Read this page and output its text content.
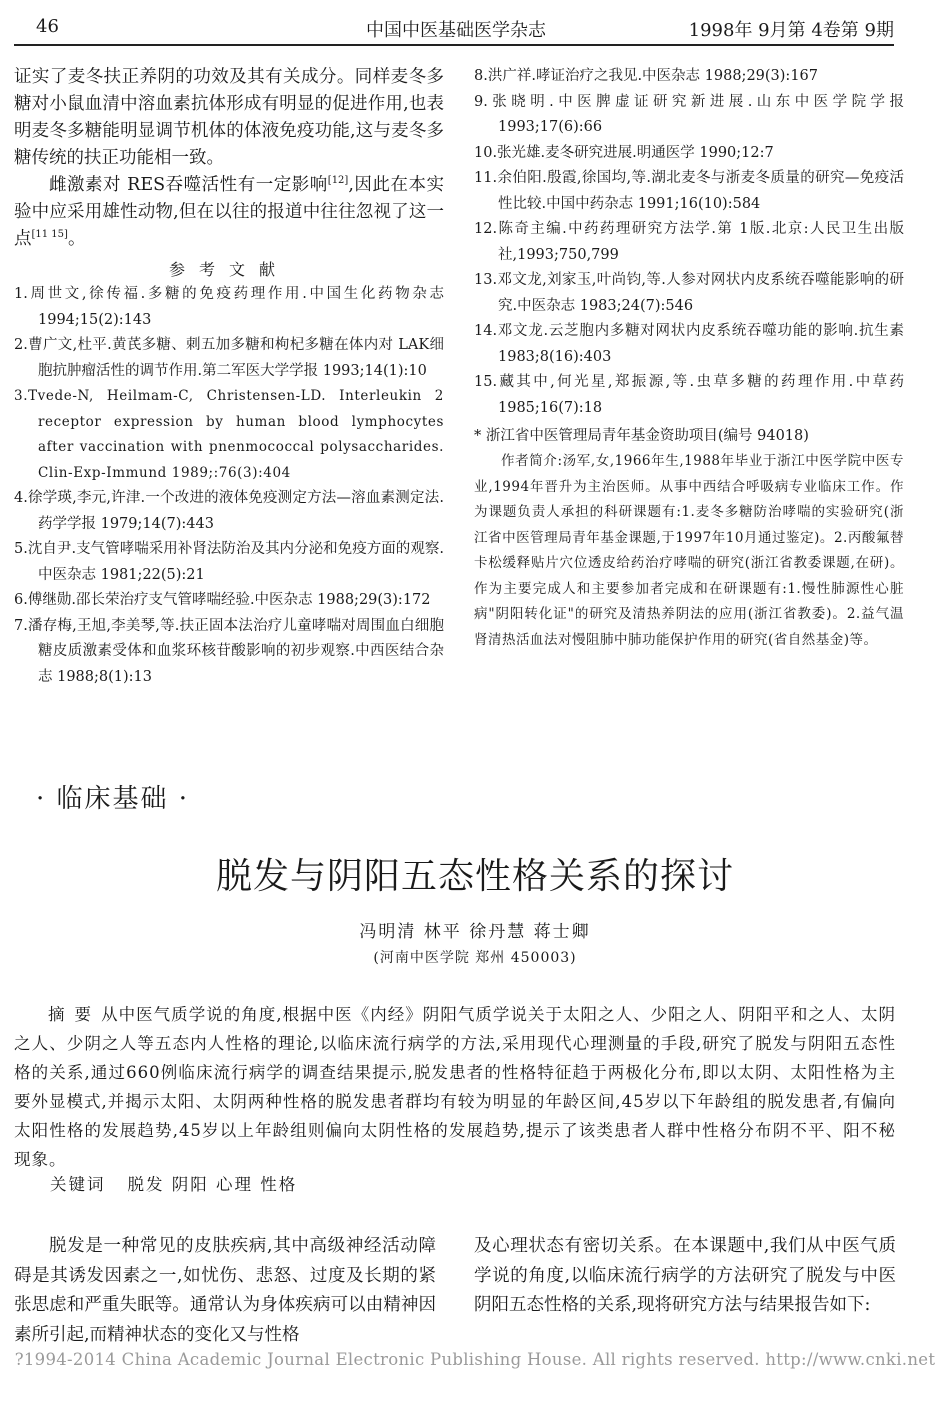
46	中国中医基础医学杂志	1998年 9月第 4卷第 9期

证实了麦冬扶正养阴的功效及其有关成分。同样麦冬多糖对小鼠血清中溶血素抗体形成有明显的促进作用,也表明麦冬多糖能明显调节机体的体液免疫功能,这与麦冬多糖传统的扶正功能相一致。

雌激素对 RES吞噬活性有一定影响[12],因此在本实验中应采用雄性动物,但在以往的报道中往往忽视了这一点[11 15]。

参考文献

1.周世文,徐传福.多糖的免疫药理作用.中国生化药物杂志 1994;15(2):143

2.曹广文,杜平.黄芪多糖、刺五加多糖和枸杞多糖在体内对 LAK细胞抗肿瘤活性的调节作用.第二军医大学学报 1993;14(1):10

3.Tvede-N, Heilmam-C, Christensen-LD. Interleukin 2 receptor expression by human blood lymphocytes after vaccination with pnenmococcal polysaccharides. Clin-Exp-Immund 1989;:76(3):404

4.徐学瑛,李元,许津.一个改进的液体免疫测定方法—溶血素测定法.药学学报 1979;14(7):443

5.沈自尹.支气管哮喘采用补肾法防治及其内分泌和免疫方面的观察.中医杂志 1981;22(5):21

6.傅继勋.邵长荣治疗支气管哮喘经验.中医杂志 1988;29(3):172

7.潘存梅,王旭,李美琴,等.扶正固本法治疗儿童哮喘对周围血白细胞糖皮质激素受体和血浆环核苷酸影响的初步观察.中西医结合杂志 1988;8(1):13

8.洪广祥.哮证治疗之我见.中医杂志 1988;29(3):167

9.张晓明.中医脾虚证研究新进展.山东中医学院学报 1993;17(6):66

10.张光雄.麦冬研究进展.明通医学 1990;12:7

11.余伯阳.殷霞,徐国均,等.湖北麦冬与浙麦冬质量的研究—免疫活性比较.中国中药杂志 1991;16(10):584

12.陈奇主编.中药药理研究方法学.第 1版.北京:人民卫生出版社,1993;750,799

13.邓文龙,刘家玉,叶尚钧,等.人参对网状内皮系统吞噬能影响的研究.中医杂志 1983;24(7):546

14.邓文龙.云芝胞内多糖对网状内皮系统吞噬功能的影响.抗生素 1983;8(16):403

15.藏其中,何光星,郑振源,等.虫草多糖的药理作用.中草药 1985;16(7):18

* 浙江省中医管理局青年基金资助项目(编号 94018)

作者简介:汤军,女,1966年生,1988年毕业于浙江中医学院中医专业,1994年晋升为主治医师。从事中西结合呼吸病专业临床工作。作为课题负责人承担的科研课题有:1.麦冬多糖防治哮喘的实验研究(浙江省中医管理局青年基金课题,于1997年10月通过鉴定)。2.丙酸氟替卡松缓释贴片穴位透皮给药治疗哮喘的研究(浙江省教委课题,在研)。作为主要完成人和主要参加者完成和在研课题有:1.慢性肺源性心脏病"阴阳转化证"的研究及清热养阴法的应用(浙江省教委)。2.益气温肾清热活血法对慢阻肺中肺功能保护作用的研究(省自然基金)等。

· 临床基础 ·
脱发与阴阳五态性格关系的探讨
冯明清 林平 徐丹慧 蒋士卿
(河南中医学院 郑州 450003)
摘要从中医气质学说的角度,根据中医《内经》阴阳气质学说关于太阳之人、少阳之人、阴阳平和之人、太阴之人、少阴之人等五态内人性格的理论,以临床流行病学的方法,采用现代心理测量的手段,研究了脱发与阴阳五态性格的关系,通过660例临床流行病学的调查结果提示,脱发患者的性格特征趋于两极化分布,即以太阴、太阳性格为主要外显模式,并揭示太阳、太阴两种性格的脱发患者群均有较为明显的年龄区间,45岁以下年龄组的脱发患者,有偏向太阳性格的发展趋势,45岁以上年龄组则偏向太阴性格的发展趋势,提示了该类患者人群中性格分布阴不平、阳不秘现象。
关键词 脱发 阴阳 心理 性格

脱发是一种常见的皮肤疾病,其中高级神经活动障碍是其诱发因素之一,如忧伤、悲怒、过度及长期的紧张思虑和严重失眠等。通常认为身体疾病可以由精神因素所引起,而精神状态的变化又与性格

及心理状态有密切关系。在本课题中,我们从中医气质学说的角度,以临床流行病学的方法研究了脱发与中医阴阳五态性格的关系,现将研究方法与结果报告如下:

?1994-2014 China Academic Journal Electronic Publishing House. All rights reserved. http://www.cnki.net
